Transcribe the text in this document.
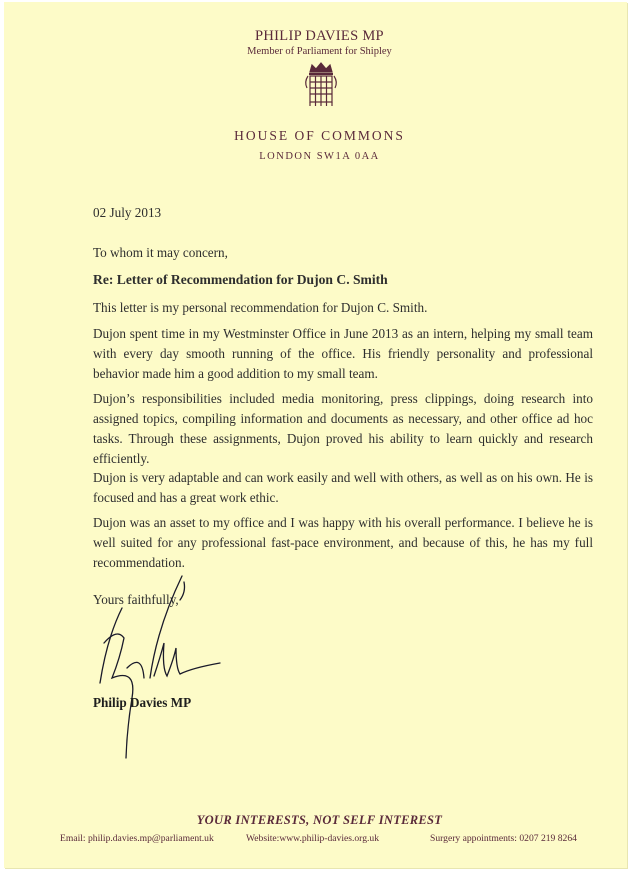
PHILIP DAVIES MP
Member of Parliament for Shipley
HOUSE OF COMMONS
LONDON SW1A 0AA
02 July 2013
To whom it may concern,
Re: Letter of Recommendation for Dujon C. Smith

This letter is my personal recommendation for Dujon C. Smith.

Dujon spent time in my Westminster Office in June 2013 as an intern, helping my small team with every day smooth running of the office. His friendly personality and professional behavior made him a good addition to my small team.

Dujon’s responsibilities included media monitoring, press clippings, doing research into assigned topics, compiling information and documents as necessary, and other office ad hoc tasks. Through these assignments, Dujon proved his ability to learn quickly and research efficiently.

Dujon is very adaptable and can work easily and well with others, as well as on his own. He is focused and has a great work ethic.

Dujon was an asset to my office and I was happy with his overall performance. I believe he is well suited for any professional fast-pace environment, and because of this, he has my full recommendation.

Yours faithfully,
Philip Davies MP
YOUR INTERESTS, NOT SELF INTEREST
Email: philip.davies.mp@parliament.uk	Website:www.philip-davies.org.uk	Surgery appointments: 0207 219 8264
